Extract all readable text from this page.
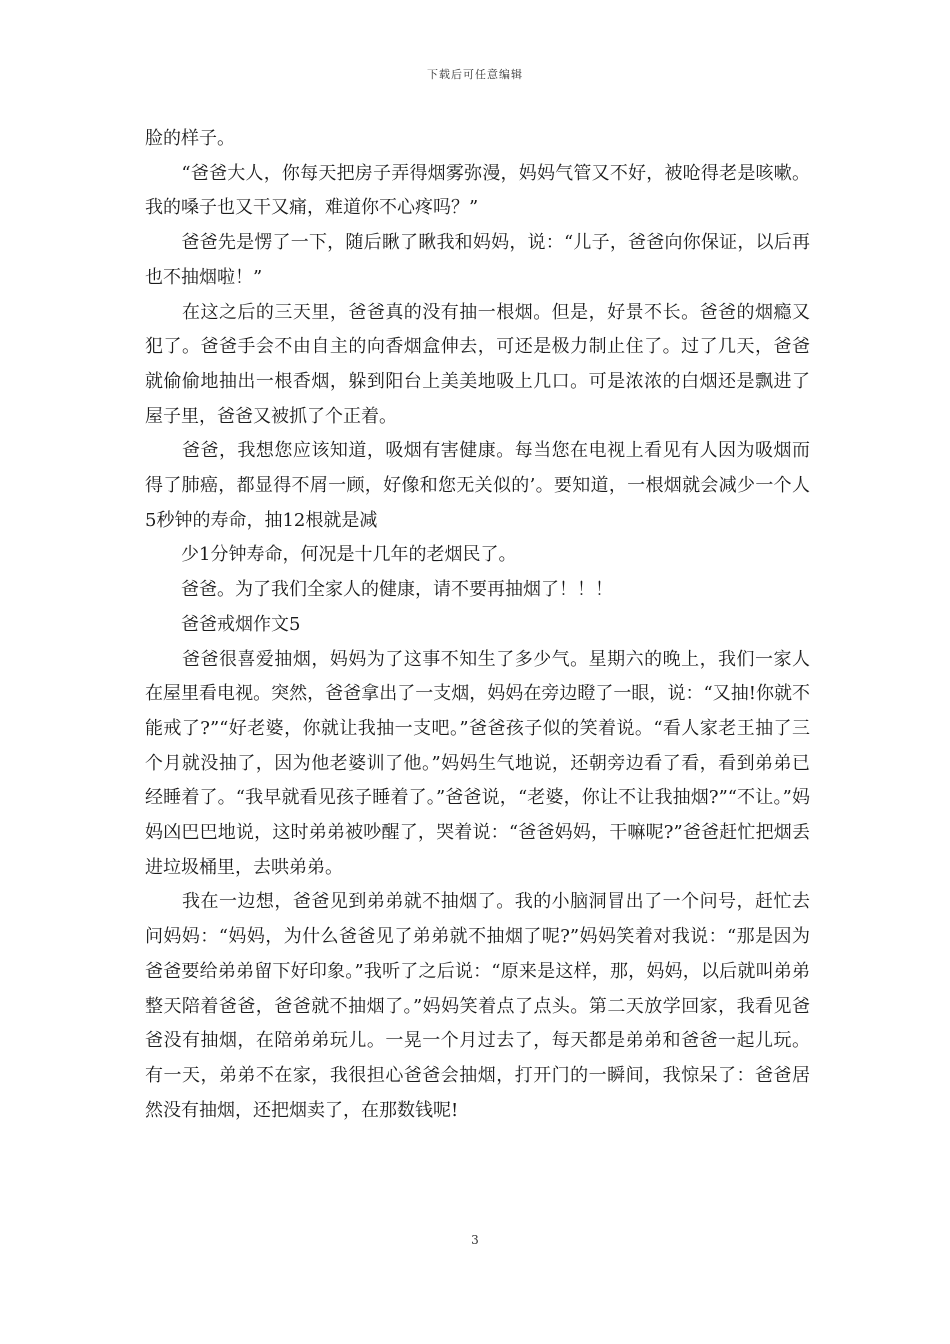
下载后可任意编辑

脸的样子。

　　“爸爸大人，你每天把房子弄得烟雾弥漫，妈妈气管又不好，被呛得老是咳嗽。我的嗓子也又干又痛，难道你不心疼吗？”

　　爸爸先是愣了一下，随后瞅了瞅我和妈妈，说：“儿子，爸爸向你保证，以后再也不抽烟啦！”

　　在这之后的三天里，爸爸真的没有抽一根烟。但是，好景不长。爸爸的烟瘾又犯了。爸爸手会不由自主的向香烟盒伸去，可还是极力制止住了。过了几天，爸爸就偷偷地抽出一根香烟，躲到阳台上美美地吸上几口。可是浓浓的白烟还是飘进了屋子里，爸爸又被抓了个正着。

　　爸爸，我想您应该知道，吸烟有害健康。每当您在电视上看见有人因为吸烟而得了肺癌，都显得不屑一顾，好像和您无关似的’。要知道，一根烟就会减少一个人5秒钟的寿命，抽12根就是减

　　少1分钟寿命，何况是十几年的老烟民了。

　　爸爸。为了我们全家人的健康，请不要再抽烟了！！！

　　爸爸戒烟作文5

　　爸爸很喜爱抽烟，妈妈为了这事不知生了多少气。星期六的晚上，我们一家人在屋里看电视。突然，爸爸拿出了一支烟，妈妈在旁边瞪了一眼，说：“又抽!你就不能戒了?”“好老婆，你就让我抽一支吧。”爸爸孩子似的笑着说。“看人家老王抽了三个月就没抽了，因为他老婆训了他。”妈妈生气地说，还朝旁边看了看，看到弟弟已经睡着了。“我早就看见孩子睡着了。”爸爸说，“老婆，你让不让我抽烟?”“不让。”妈妈凶巴巴地说，这时弟弟被吵醒了，哭着说：“爸爸妈妈，干嘛呢?”爸爸赶忙把烟丢进垃圾桶里，去哄弟弟。

　　我在一边想，爸爸见到弟弟就不抽烟了。我的小脑洞冒出了一个问号，赶忙去问妈妈：“妈妈，为什么爸爸见了弟弟就不抽烟了呢?”妈妈笑着对我说：“那是因为爸爸要给弟弟留下好印象。”我听了之后说：“原来是这样，那，妈妈，以后就叫弟弟整天陪着爸爸，爸爸就不抽烟了。”妈妈笑着点了点头。第二天放学回家，我看见爸爸没有抽烟，在陪弟弟玩儿。一晃一个月过去了，每天都是弟弟和爸爸一起儿玩。有一天，弟弟不在家，我很担心爸爸会抽烟，打开门的一瞬间，我惊呆了：爸爸居然没有抽烟，还把烟卖了，在那数钱呢!

3
